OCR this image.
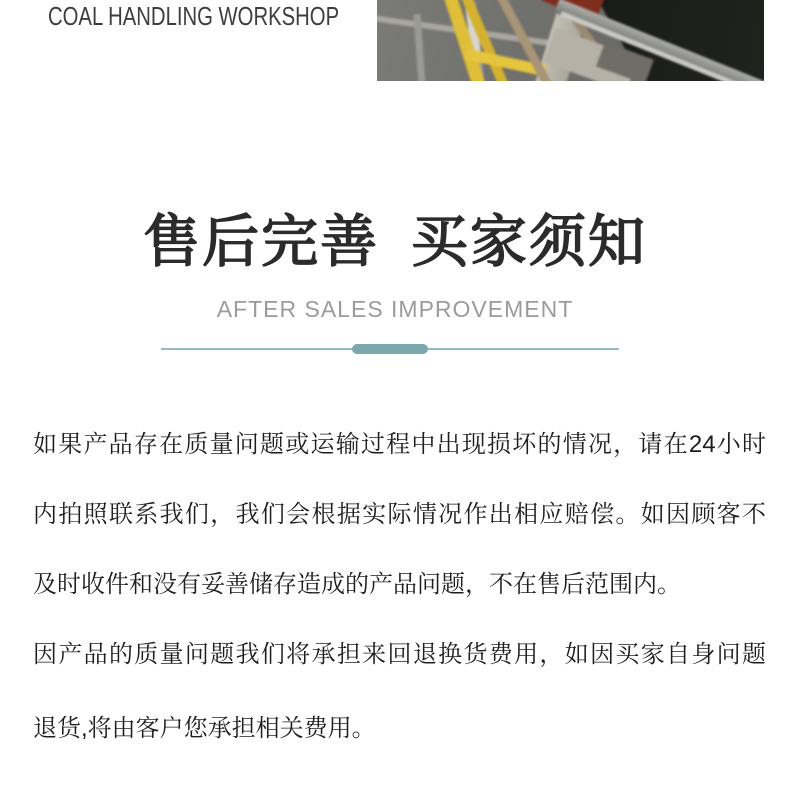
COAL HANDLING WORKSHOP
售后完善 买家须知
AFTER SALES IMPROVEMENT
如果产品存在质量问题或运输过程中出现损坏的情况，请在24小时
内拍照联系我们，我们会根据实际情况作出相应赔偿。如因顾客不
及时收件和没有妥善储存造成的产品问题，不在售后范围内。
因产品的质量问题我们将承担来回退换货费用，如因买家自身问题
退货,将由客户您承担相关费用。
